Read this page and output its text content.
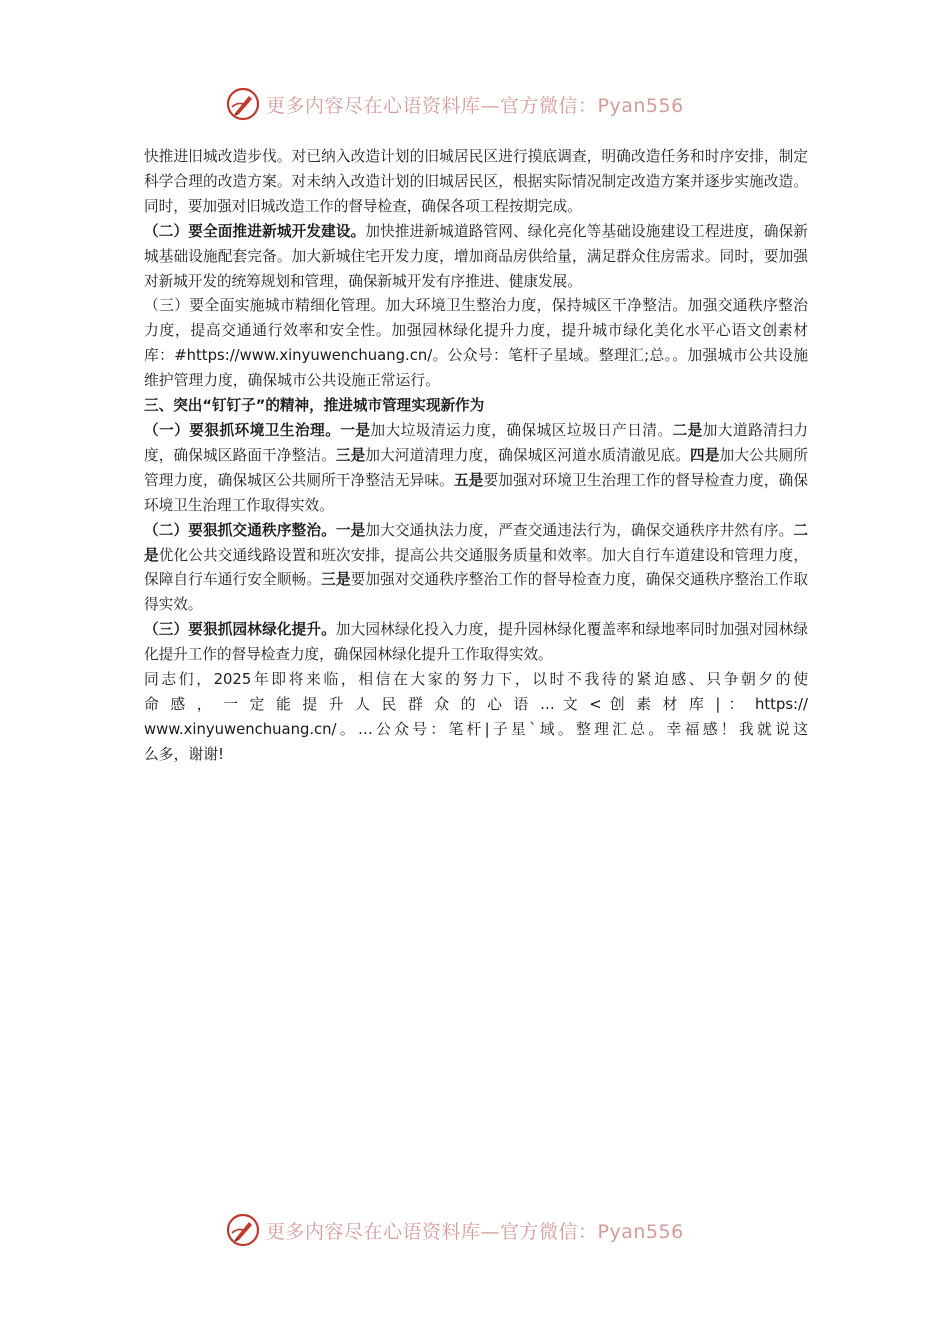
更多内容尽在心语资料库—官方微信：Pyan556

快推进旧城改造步伐。对已纳入改造计划的旧城居民区进行摸底调查，明确改造任务和时序安排，制定科学合理的改造方案。对未纳入改造计划的旧城居民区，根据实际情况制定改造方案并逐步实施改造。同时，要加强对旧城改造工作的督导检查，确保各项工程按期完成。

（二）要全面推进新城开发建设。加快推进新城道路管网、绿化亮化等基础设施建设工程进度，确保新城基础设施配套完备。加大新城住宅开发力度，增加商品房供给量，满足群众住房需求。同时，要加强对新城开发的统筹规划和管理，确保新城开发有序推进、健康发展。

（三）要全面实施城市精细化管理。加大环境卫生整治力度，保持城区干净整洁。加强交通秩序整治力度，提高交通通行效率和安全性。加强园林绿化提升力度，提升城市绿化美化水平心语文创素材库：#https://www.xinyuwenchuang.cn/。公众号：笔杆子星域。整理汇;总。。加强城市公共设施维护管理力度，确保城市公共设施正常运行。

三、突出“钉钉子”的精神，推进城市管理实现新作为

（一）要狠抓环境卫生治理。一是加大垃圾清运力度，确保城区垃圾日产日清。二是加大道路清扫力度，确保城区路面干净整洁。三是加大河道清理力度，确保城区河道水质清澈见底。四是加大公共厕所管理力度，确保城区公共厕所干净整洁无异味。五是要加强对环境卫生治理工作的督导检查力度，确保环境卫生治理工作取得实效。

（二）要狠抓交通秩序整治。一是加大交通执法力度，严查交通违法行为，确保交通秩序井然有序。二是优化公共交通线路设置和班次安排，提高公共交通服务质量和效率。加大自行车道建设和管理力度，保障自行车通行安全顺畅。三是要加强对交通秩序整治工作的督导检查力度，确保交通秩序整治工作取得实效。

（三）要狠抓园林绿化提升。加大园林绿化投入力度，提升园林绿化覆盖率和绿地率同时加强对园林绿化提升工作的督导检查力度，确保园林绿化提升工作取得实效。

同志们，2025年即将来临，相信在大家的努力下，以时不我待的紧迫感、只争朝夕的使

命 感 ， 一 定 能 提 升 人 民 群 众 的 心 语 … 文 < 创 素 材 库 | ： https://

www.xinyuwenchuang.cn/。…公众号：笔杆|子星`域。整理汇总。幸福感！我就说这

么多，谢谢!

更多内容尽在心语资料库—官方微信：Pyan556
